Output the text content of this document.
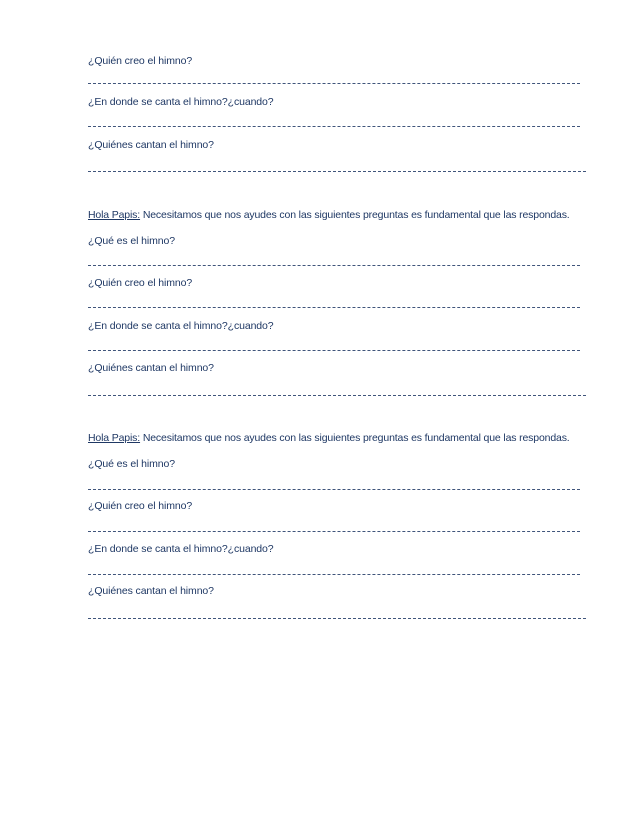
¿Quién creo el himno?
¿En donde se canta el himno?¿cuando?
¿Quiénes cantan el himno?
Hola Papis: Necesitamos que nos ayudes con las siguientes preguntas es fundamental que las respondas.
¿Qué es el himno?
¿Quién creo el himno?
¿En donde se canta el himno?¿cuando?
¿Quiénes cantan el himno?
Hola Papis: Necesitamos que nos ayudes con las siguientes preguntas es fundamental que las respondas.
¿Qué es el himno?
¿Quién creo el himno?
¿En donde se canta el himno?¿cuando?
¿Quiénes cantan el himno?
